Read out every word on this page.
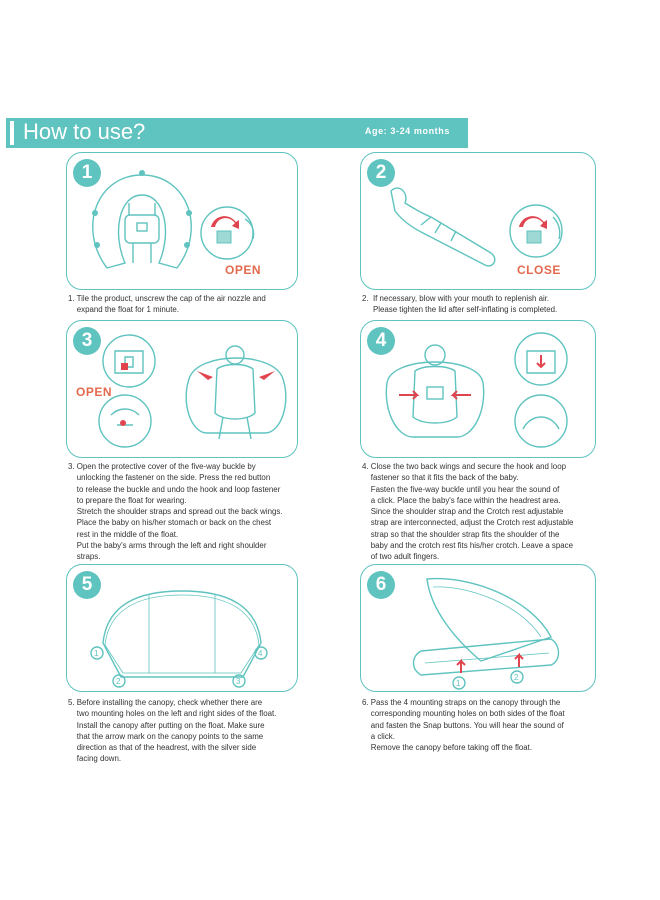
How to use?	Age: 3-24 months
1
OPEN
1. Tile the product, unscrew the cap of the air nozzle and
expand the float for 1 minute.
2
CLOSE
2.  If necessary, blow with your mouth to replenish air.
Please tighten the lid after self-inflating is completed.
3
OPEN
3. Open the protective cover of the five-way buckle by
unlocking the fastener on the side. Press the red button
to release the buckle and undo the hook and loop fastener
to prepare the float for wearing.
Stretch the shoulder straps and spread out the back wings.
Place the baby on his/her stomach or back on the chest
rest in the middle of the float.
Put the baby's arms through the left and right shoulder
straps.
4
4. Close the two back wings and secure the hook and loop
fastener so that it fits the back of the baby.
Fasten the five-way buckle until you hear the sound of
a click. Place the baby's face within the headrest area.
Since the shoulder strap and the Crotch rest adjustable
strap are interconnected, adjust the Crotch rest adjustable
strap so that the shoulder strap fits the shoulder of the
baby and the crotch rest fits his/her crotch. Leave a space
of two adult fingers.
5
1
2	3
4
5. Before installing the canopy, check whether there are
two mounting holes on the left and right sides of the float.
Install the canopy after putting on the float. Make sure
that the arrow mark on the canopy points to the same
direction as that of the headrest, with the silver side
facing down.
6
1
2
6. Pass the 4 mounting straps on the canopy through the
corresponding mounting holes on both sides of the float
and fasten the Snap buttons. You will hear the sound of
a click.
Remove the canopy before taking off the float.
